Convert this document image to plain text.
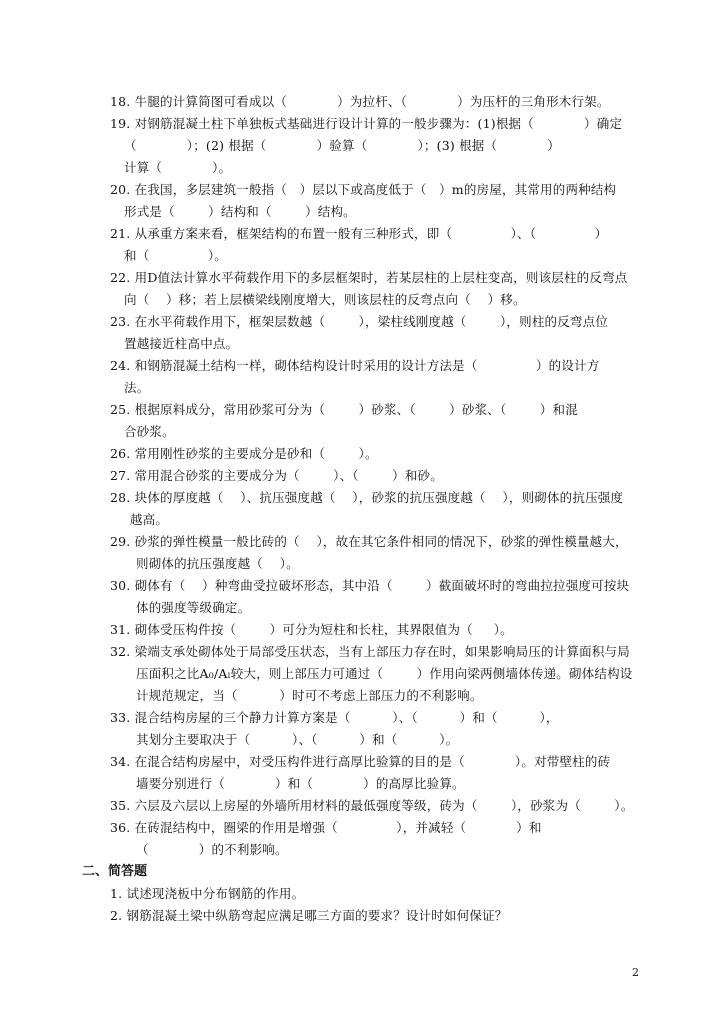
18. 牛腿的计算简图可看成以（            ）为拉杆、（            ）为压杆的三角形木行架。
19. 对钢筋混凝土柱下单独板式基础进行设计计算的一般步骤为：(1)根据（            ）确定
（            ）；(2) 根据（            ）验算（            ）；(3) 根据（            ）
计算（            ）。
20. 在我国，多层建筑一般指（   ）层以下或高度低于（   ）m的房屋，其常用的两种结构
形式是（        ）结构和（        ）结构。
21. 从承重方案来看，框架结构的布置一般有三种形式，即（              ）、（              ）
和（              ）。
22. 用D值法计算水平荷载作用下的多层框架时，若某层柱的上层柱变高，则该层柱的反弯点
向（    ）移；若上层横梁线刚度增大，则该层柱的反弯点向（    ）移。
23. 在水平荷载作用下，框架层数越（        ），梁柱线刚度越（        ），则柱的反弯点位
置越接近柱高中点。
24. 和钢筋混凝土结构一样，砌体结构设计时采用的设计方法是（              ）的设计方
法。
25. 根据原料成分，常用砂浆可分为（        ）砂浆、（        ）砂浆、（        ）和混
合砂浆。
26. 常用刚性砂浆的主要成分是砂和（        ）。
27. 常用混合砂浆的主要成分为（        ）、（        ）和砂。
28. 块体的厚度越（    ）、抗压强度越（    ），砂浆的抗压强度越（    ），则砌体的抗压强度
越高。
29. 砂浆的弹性模量一般比砖的（    ），故在其它条件相同的情况下，砂浆的弹性模量越大，
则砌体的抗压强度越（    ）。
30. 砌体有（    ）种弯曲受拉破坏形态，其中沿（        ）截面破坏时的弯曲拉拉强度可按块
体的强度等级确定。
31. 砌体受压构件按（        ）可分为短柱和长柱，其界限值为（     ）。
32. 梁端支承处砌体处于局部受压状态，当有上部压力存在时，如果影响局压的计算面积与局
压面积之比A₀/Aₗ较大，则上部压力可通过（        ）作用向梁两侧墙体传递。砌体结构设
计规范规定，当（          ）时可不考虑上部压力的不利影响。
33. 混合结构房屋的三个静力计算方案是（          ）、（          ）和（          ），
其划分主要取决于（          ）、（          ）和（          ）。
34. 在混合结构房屋中，对受压构件进行高厚比验算的目的是（            ）。对带壁柱的砖
墙要分别进行（            ）和（            ）的高厚比验算。
35. 六层及六层以上房屋的外墙所用材料的最低强度等级，砖为（        ），砂浆为（        ）。
36. 在砖混结构中，圈梁的作用是增强（              ），并减轻（            ）和
（            ）的不利影响。
二、简答题
1. 试述现浇板中分布钢筋的作用。
2. 钢筋混凝土梁中纵筋弯起应满足哪三方面的要求？设计时如何保证？
2
